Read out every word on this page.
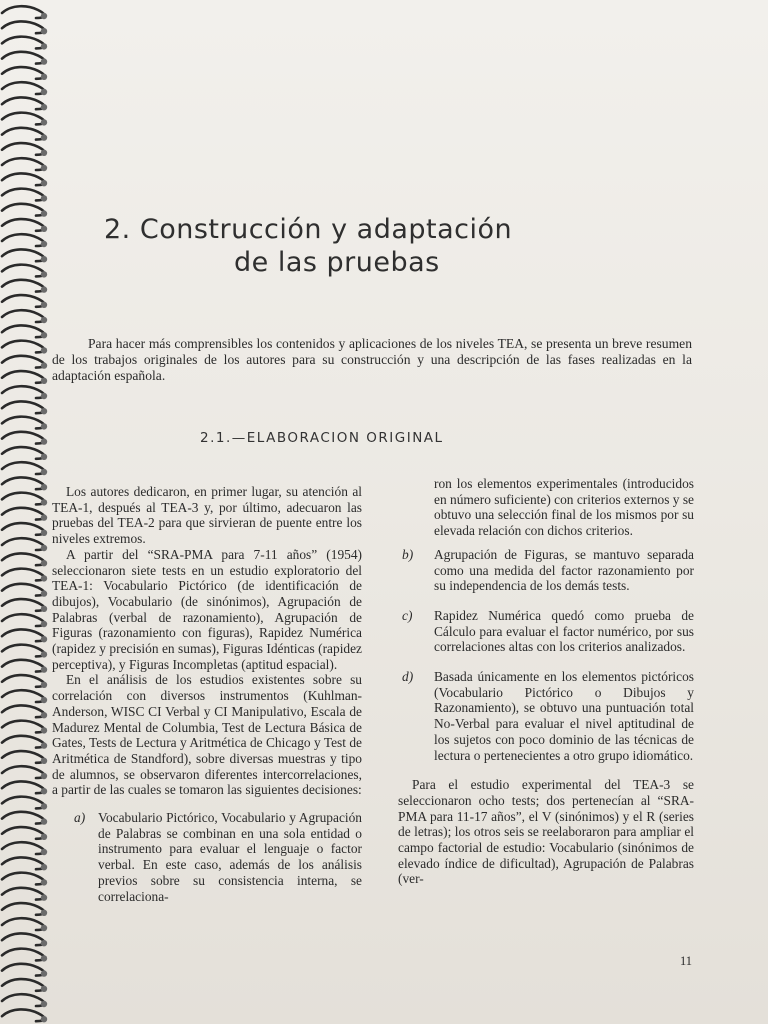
2. Construcción y adaptación

de las pruebas

Para hacer más comprensibles los contenidos y aplicaciones de los niveles TEA, se presenta un breve resumen de los trabajos originales de los autores para su construcción y una descripción de las fases realizadas en la adaptación española.

2.1.—ELABORACION ORIGINAL

Los autores dedicaron, en primer lugar, su atención al TEA-1, después al TEA-3 y, por último, adecuaron las pruebas del TEA-2 para que sirvieran de puente entre los niveles extremos.

A partir del “SRA-PMA para 7-11 años” (1954) seleccionaron siete tests en un estudio exploratorio del TEA-1: Vocabulario Pictórico (de identificación de dibujos), Vocabulario (de sinónimos), Agrupación de Palabras (verbal de razonamiento), Agrupación de Figuras (razonamiento con figuras), Rapidez Numérica (rapidez y precisión en sumas), Figuras Idénticas (rapidez perceptiva), y Figuras Incompletas (aptitud espacial).

En el análisis de los estudios existentes sobre su correlación con diversos instrumentos (Kuhlman-Anderson, WISC CI Verbal y CI Manipulativo, Escala de Madurez Mental de Columbia, Test de Lectura Básica de Gates, Tests de Lectura y Aritmética de Chicago y Test de Aritmética de Standford), sobre diversas muestras y tipo de alumnos, se observaron diferentes intercorrelaciones, a partir de las cuales se tomaron las siguientes decisiones:

a) Vocabulario Pictórico, Vocabulario y Agrupación de Palabras se combinan en una sola entidad o instrumento para evaluar el lenguaje o factor verbal. En este caso, además de los análisis previos sobre su consistencia interna, se correlaciona-

ron los elementos experimentales (introducidos en número suficiente) con criterios externos y se obtuvo una selección final de los mismos por su elevada relación con dichos criterios.

b)	Agrupación de Figuras, se mantuvo separada como una medida del factor razonamiento por su independencia de los demás tests.
c)	Rapidez Numérica quedó como prueba de Cálculo para evaluar el factor numérico, por sus correlaciones altas con los criterios analizados.
d)	Basada únicamente en los elementos pictóricos (Vocabulario Pictórico o Dibujos y Razonamiento), se obtuvo una puntuación total No-Verbal para evaluar el nivel aptitudinal de los sujetos con poco dominio de las técnicas de lectura o pertenecientes a otro grupo idiomático.

Para el estudio experimental del TEA-3 se seleccionaron ocho tests; dos pertenecían al “SRA-PMA para 11-17 años”, el V (sinónimos) y el R (series de letras); los otros seis se reelaboraron para ampliar el campo factorial de estudio: Vocabulario (sinónimos de elevado índice de dificultad), Agrupación de Palabras (ver-

11
